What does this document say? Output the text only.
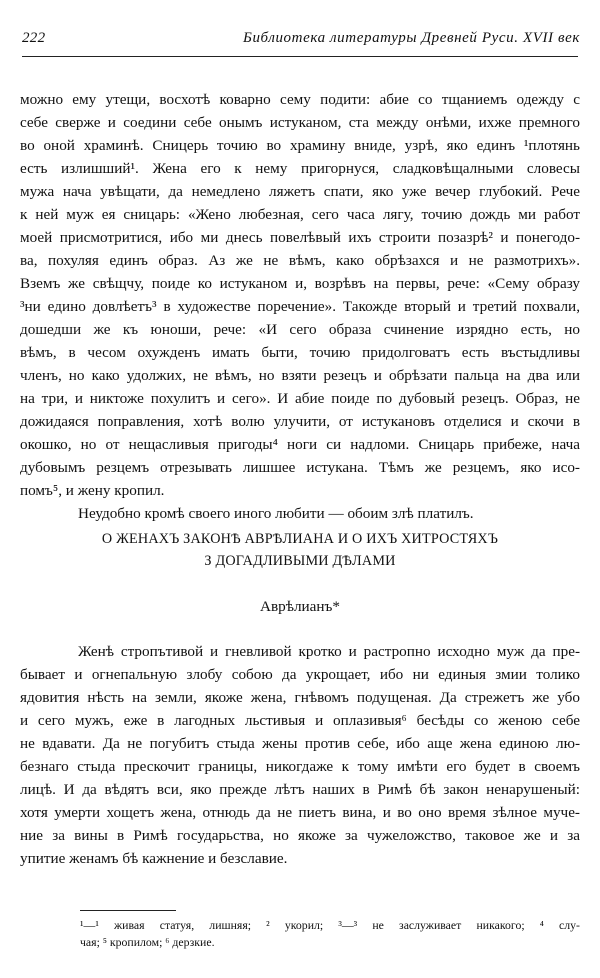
222	Библиотека литературы Древней Руси. XVII век
можно ему утещи, восхотѣ коварно сему подити: абие со тщаниемъ одежду с
себе сверже и соедини себе онымъ истуканом, ста между онѣми, ихже премного
во оной храминѣ. Сницерь точию во храмину вниде, узрѣ, яко единъ ¹плотянь
есть излишший¹. Жена его к нему пригорнуся, сладковѣщалными словесы
мужа нача увѣщати, да немедлено ляжетъ спати, яко уже вечер глубокий. Рече
к ней муж ея сницарь: «Жено любезная, сего часа лягу, точию дождь ми работ
моей присмотритися, ибо ми днесь повелѣвый ихъ строити позазрѣ² и понегодо-
ва, похуляя единъ образ. Аз же не вѣмъ, како обрѣзахся и не размотрихъ».
Вземъ же свѣщчу, поиде ко истуканом и, возрѣвъ на первы, рече: «Сему образу
³ни едино довлѣетъ³ в художестве поречение». Такожде вторый и третий похвали,
дошедши же къ юноши, рече: «И сего образа счинение изрядно есть, но
вѣмъ, в чесом охужденъ имать быти, точию придолговатъ есть въстыдливы
членъ, но како удолжих, не вѣмъ, но взяти резецъ и обрѣзати пальца на два или
на три, и никтоже похулитъ и сего». И абие поиде по дубовый резецъ. Образ, не
дожидаяся поправления, хотѣ волю улучити, от истукановъ отделися и скочи в
окошко, но от нещасливыя пригоды⁴ ноги си надломи. Сницарь прибеже, нача
дубовымъ резцемъ отрезывать лишшее истукана. Тѣмъ же резцемъ, яко исо-
помъ⁵, и жену кропил.
Неудобно кромѣ своего иного любити — обоим злѣ платилъ.
О ЖЕНАХЪ ЗАКОНѢ АВРѢЛИАНА И О ИХЪ ХИТРОСТЯХЪ
З ДОГАДЛИВЫМИ ДѢЛАМИ
Аврѣлианъ*
Женѣ стропътивой и гневливой кротко и растропно исходно муж да пре-
бывает и огнепальную злобу собою да укрощает, ибо ни единыя змии толико
ядовития нѣсть на земли, якоже жена, гнѣвомъ подущеная. Да стрежетъ же убо
и сего мужъ, еже в лагодных льстивыя и оплазивыя⁶ бесѣды со женою себе
не вдавати. Да не погубитъ стыда жены против себе, ибо аще жена единою лю-
безнаго стыда прескочит границы, никогдаже к тому имѣти его будет в своемъ
лицѣ. И да вѣдятъ вси, яко прежде лѣтъ наших в Римѣ бѣ закон ненарушеный:
хотя умерти хощетъ жена, отнюдь да не пиетъ вина, и во оно время зѣлное муче-
ние за вины в Римѣ государьства, но якоже за чужеложство, таковое же и за
упитие женамъ бѣ кажнение и безславие.
¹—¹ живая статуя, лишняя; ² укорил; ³—³ не заслуживает никакого; ⁴ слу-
чая; ⁵ кропилом; ⁶ дерзкие.
